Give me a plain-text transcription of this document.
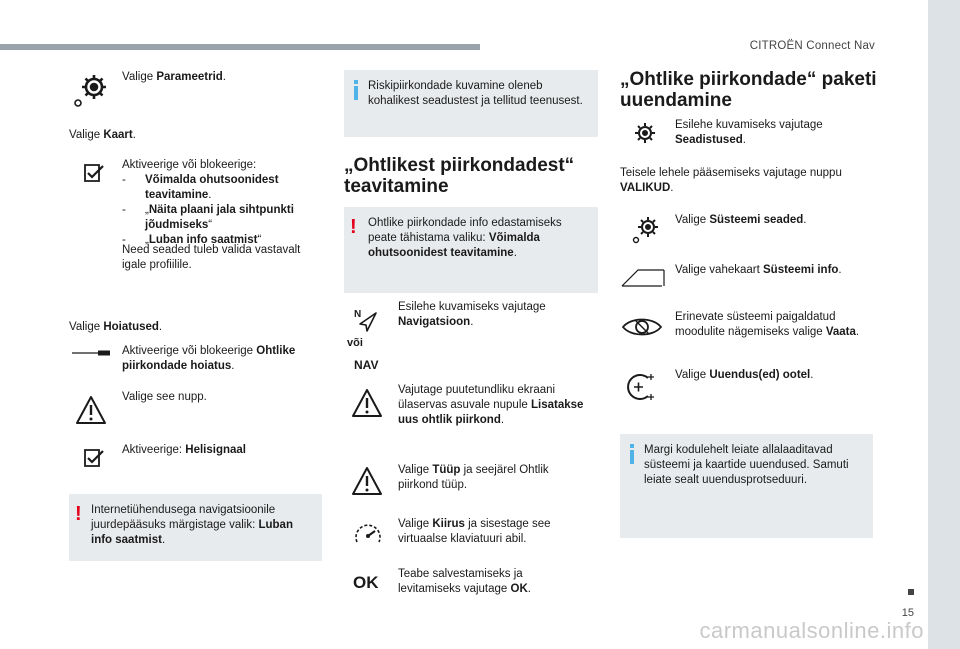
CITROËN Connect Nav
15
carmanualsonline.info
Valige Parameetrid.
Valige Kaart.
Aktiveerige või blokeerige:
- Võimalda ohutsoonidest teavitamine.
- „Näita plaani jala sihtpunkti jõudmiseks“
- „Luban info saatmist“
Need seaded tuleb valida vastavalt igale profiilile.
Valige Hoiatused.
Aktiveerige või blokeerige Ohtlike piirkondade hoiatus.
Valige see nupp.
Aktiveerige: Helisignaal
! Internetiühendusega navigatsioonile juurdepääsuks märgistage valik: Luban info saatmist.
Riskipiirkondade kuvamine oleneb kohalikest seadustest ja tellitud teenusest.
„Ohtlikest piirkondadest“ teavitamine
! Ohtlike piirkondade info edastamiseks peate tähistama valiku: Võimalda ohutsoonidest teavitamine.
N
või
NAV
Esilehe kuvamiseks vajutage Navigatsioon.
Vajutage puutetundliku ekraani ülaservas asuvale nupule Lisatakse uus ohtlik piirkond.
Valige Tüüp ja seejärel Ohtlik piirkond tüüp.
Valige Kiirus ja sisestage see virtuaalse klaviatuuri abil.
OK Teabe salvestamiseks ja levitamiseks vajutage OK.
„Ohtlike piirkondade“ paketi uuendamine
Esilehe kuvamiseks vajutage Seadistused.
Teisele lehele pääsemiseks vajutage nuppu VALIKUD.
Valige Süsteemi seaded.
Valige vahekaart Süsteemi info.
Erinevate süsteemi paigaldatud moodulite nägemiseks valige Vaata.
Valige Uuendus(ed) ootel.
Margi kodulehelt leiate allalaaditavad süsteemi ja kaartide uuendused. Samuti leiate sealt uuendusprotseduuri.
